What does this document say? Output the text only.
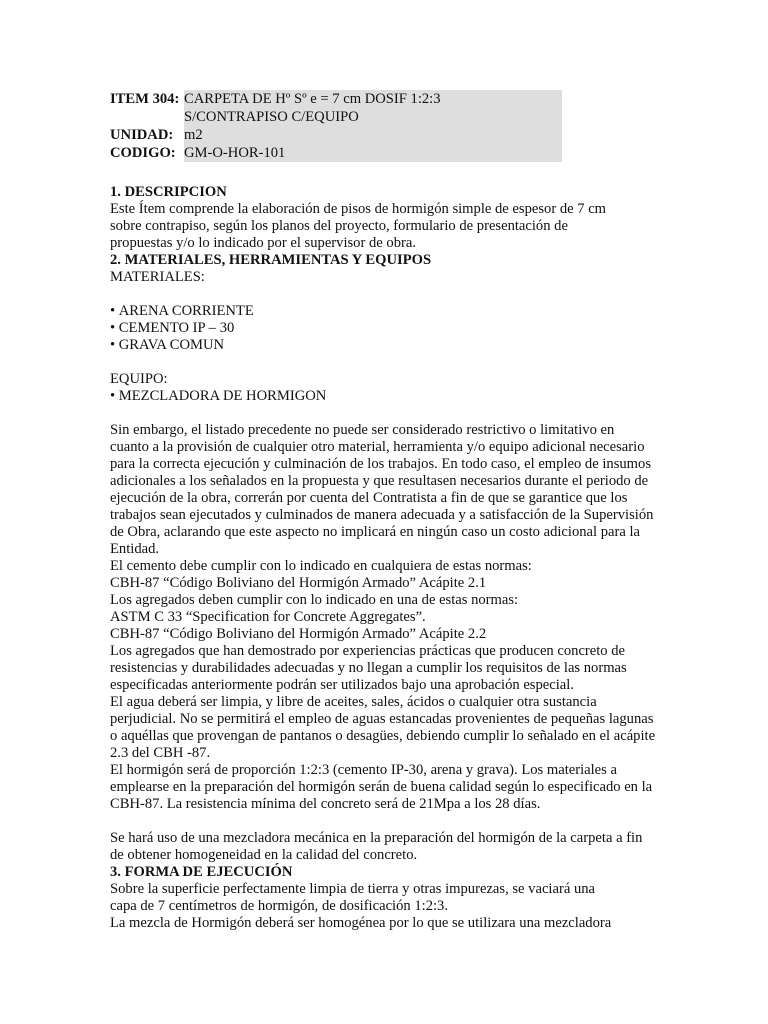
ITEM 304:	CARPETA DE Hº Sº e = 7 cm DOSIF 1:2:3
	S/CONTRAPISO C/EQUIPO
UNIDAD:	m2
CODIGO:	GM-O-HOR-101
1. DESCRIPCION

Este Ítem comprende la elaboración de pisos de hormigón simple de espesor de 7 cm

sobre contrapiso, según los planos del proyecto, formulario de presentación de

propuestas y/o lo indicado por el supervisor de obra.

2. MATERIALES, HERRAMIENTAS Y EQUIPOS

MATERIALES:

• ARENA CORRIENTE
• CEMENTO IP – 30
• GRAVA COMUN

EQUIPO:

• MEZCLADORA DE HORMIGON

Sin embargo, el listado precedente no puede ser considerado restrictivo o limitativo en

cuanto a la provisión de cualquier otro material, herramienta y/o equipo adicional necesario

para la correcta ejecución y culminación de los trabajos. En todo caso, el empleo de insumos

adicionales a los señalados en la propuesta y que resultasen necesarios durante el periodo de

ejecución de la obra, correrán por cuenta del Contratista a fin de que se garantice que los

trabajos sean ejecutados y culminados de manera adecuada y a satisfacción de la Supervisión

de Obra, aclarando que este aspecto no implicará en ningún caso un costo adicional para la

Entidad.

El cemento debe cumplir con lo indicado en cualquiera de estas normas:

CBH-87 “Código Boliviano del Hormigón Armado” Acápite 2.1

Los agregados deben cumplir con lo indicado en una de estas normas:

ASTM C 33 “Specification for Concrete Aggregates”.

CBH-87 “Código Boliviano del Hormigón Armado” Acápite 2.2

Los agregados que han demostrado por experiencias prácticas que producen concreto de

resistencias y durabilidades adecuadas y no llegan a cumplir los requisitos de las normas

especificadas anteriormente podrán ser utilizados bajo una aprobación especial.

El agua deberá ser limpia, y libre de aceites, sales, ácidos o cualquier otra sustancia

perjudicial. No se permitirá el empleo de aguas estancadas provenientes de pequeñas lagunas

o aquéllas que provengan de pantanos o desagües, debiendo cumplir lo señalado en el acápite

2.3 del CBH -87.

El hormigón será de proporción 1:2:3 (cemento IP-30, arena y grava). Los materiales a

emplearse en la preparación del hormigón serán de buena calidad según lo especificado en la

CBH-87. La resistencia mínima del concreto será de 21Mpa a los 28 días.

Se hará uso de una mezcladora mecánica en la preparación del hormigón de la carpeta a fin

de obtener homogeneidad en la calidad del concreto.

3. FORMA DE EJECUCIÓN

Sobre la superficie perfectamente limpia de tierra y otras impurezas, se vaciará una

capa de 7 centímetros de hormigón, de dosificación 1:2:3.

La mezcla de Hormigón deberá ser homogénea por lo que se utilizara una mezcladora
